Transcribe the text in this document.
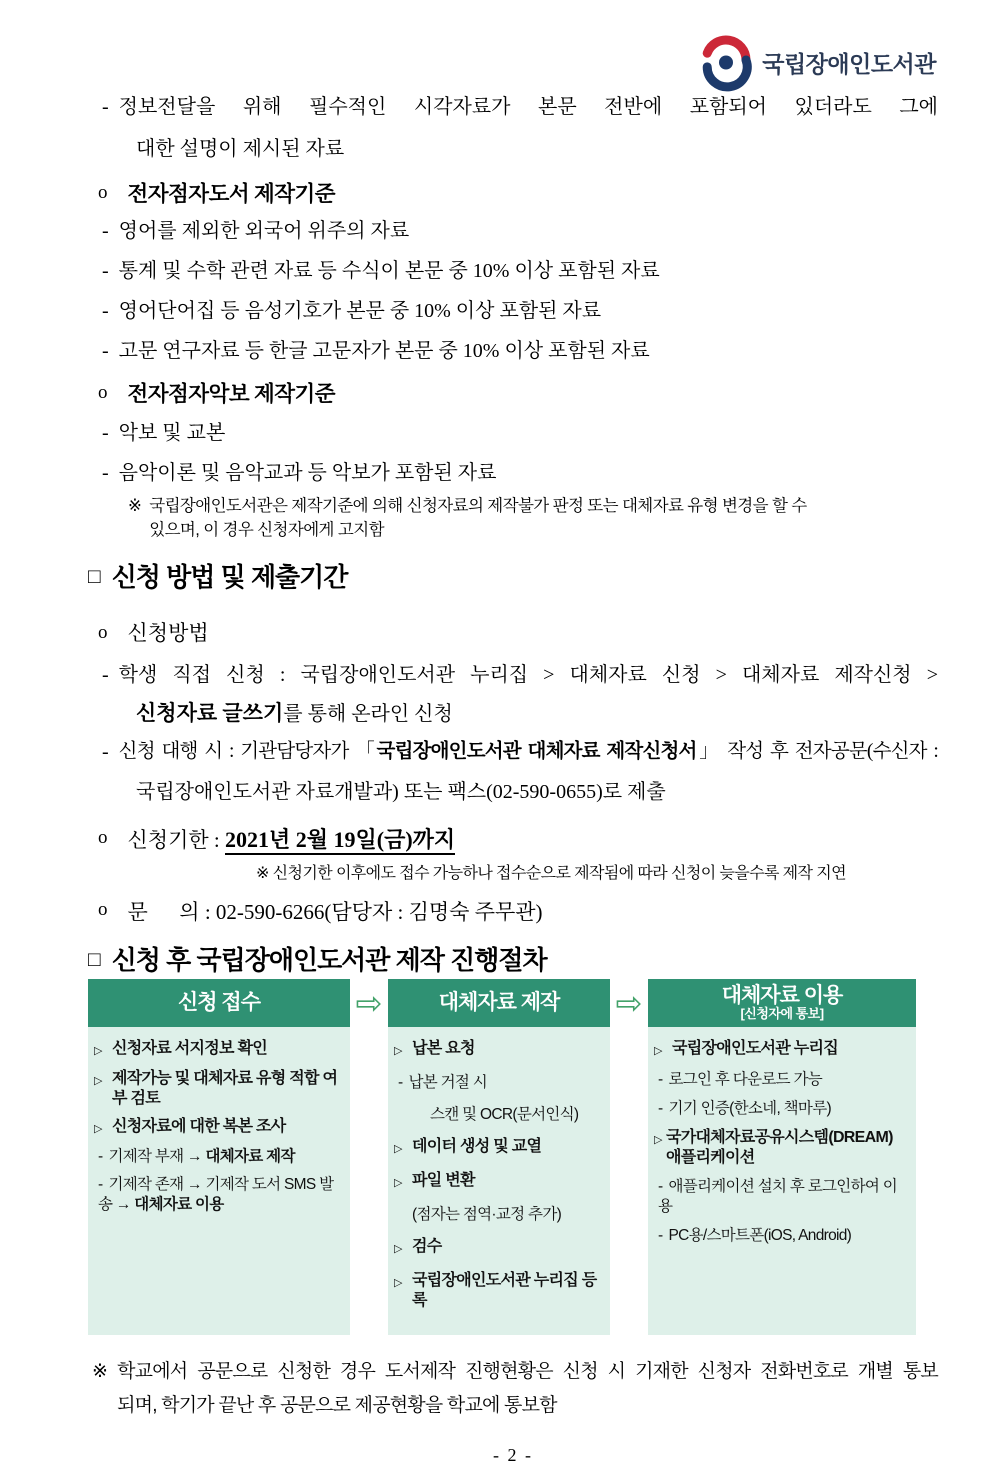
국립장애인도서관
- 정보전달을 위해 필수적인 시각자료가 본문 전반에 포함되어 있더라도 그에
대한 설명이 제시된 자료
o 전자점자도서 제작기준
- 영어를 제외한 외국어 위주의 자료
- 통계 및 수학 관련 자료 등 수식이 본문 중 10% 이상 포함된 자료
- 영어단어집 등 음성기호가 본문 중 10% 이상 포함된 자료
- 고문 연구자료 등 한글 고문자가 본문 중 10% 이상 포함된 자료
o 전자점자악보 제작기준
- 악보 및 교본
- 음악이론 및 음악교과 등 악보가 포함된 자료
※ 국립장애인도서관은 제작기준에 의해 신청자료의 제작불가 판정 또는 대체자료 유형 변경을 할 수
있으며, 이 경우 신청자에게 고지함
□ 신청 방법 및 제출기간
o 신청방법
- 학생 직접 신청 : 국립장애인도서관 누리집 > 대체자료 신청 > 대체자료 제작신청 >
신청자료 글쓰기를 통해 온라인 신청
- 신청 대행 시 : 기관담당자가 「국립장애인도서관 대체자료 제작신청서」 작성 후 전자공문(수신자 :
국립장애인도서관 자료개발과) 또는 팩스(02-590-0655)로 제출
o 신청기한 : 2021년 2월 19일(금)까지
※ 신청기한 이후에도 접수 가능하나 접수순으로 제작됨에 따라 신청이 늦을수록 제작 지연
o 문      의 : 02-590-6266(담당자 : 김명숙 주무관)
□ 신청 후 국립장애인도서관 제작 진행절차
신청 접수
▷ 신청자료 서지정보 확인
▷ 제작가능 및 대체자료 유형 적합 여부 검토
▷ 신청자료에 대한 복본 조사
- 기제작 부재 → 대체자료 제작
- 기제작 존재 → 기제작 도서 SMS 발송 → 대체자료 이용
⇨	대체자료 제작
▷ 납본 요청
- 납본 거절 시
스캔 및 OCR(문서인식)
▷ 데이터 생성 및 교열
▷ 파일 변환
(점자는 점역·교정 추가)
▷ 검수
▷ 국립장애인도서관 누리집 등록
⇨	대체자료 이용
[신청자에 통보]
▷ 국립장애인도서관 누리집
- 로그인 후 다운로드 가능
- 기기 인증(한소네, 책마루)
▷ 국가대체자료공유시스템(DREAM) 애플리케이션
- 애플리케이션 설치 후 로그인하여 이용
- PC용/스마트폰(iOS, Android)
※ 학교에서 공문으로 신청한 경우 도서제작 진행현황은 신청 시 기재한 신청자 전화번호로 개별 통보
되며, 학기가 끝난 후 공문으로 제공현황을 학교에 통보함
- 2 -
